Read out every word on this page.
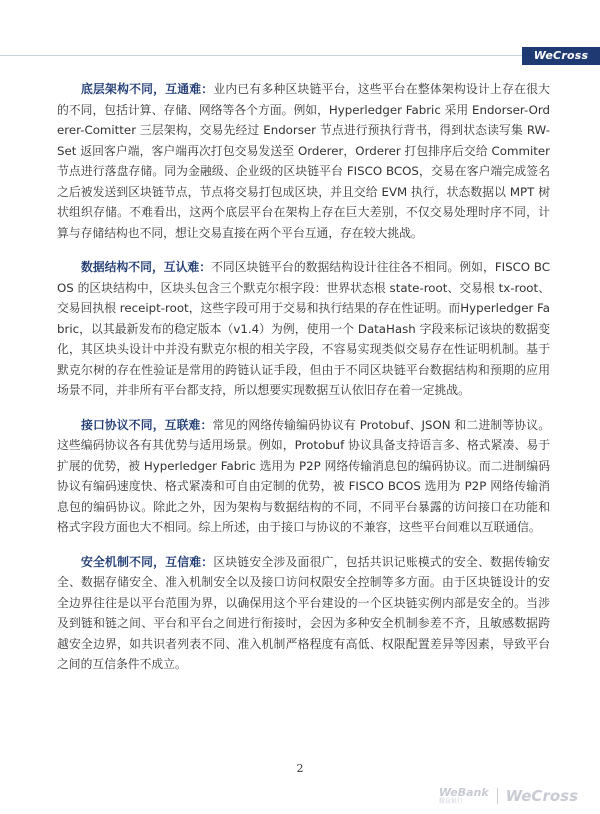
WeCross

底层架构不同，互通难：业内已有多种区块链平台，这些平台在整体架构设计上存在很大的不同，包括计算、存储、网络等各个方面。例如，Hyperledger Fabric 采用 Endorser-Orderer-Comitter 三层架构，交易先经过 Endorser 节点进行预执行背书，得到状态读写集 RW-Set 返回客户端，客户端再次打包交易发送至 Orderer，Orderer 打包排序后交给 Commiter 节点进行落盘存储。同为金融级、企业级的区块链平台 FISCO BCOS，交易在客户端完成签名之后被发送到区块链节点，节点将交易打包成区块，并且交给 EVM 执行，状态数据以 MPT 树状组织存储。不难看出，这两个底层平台在架构上存在巨大差别，不仅交易处理时序不同，计算与存储结构也不同，想让交易直接在两个平台互通，存在较大挑战。

数据结构不同，互认难：不同区块链平台的数据结构设计往往各不相同。例如，FISCO BCOS 的区块结构中，区块头包含三个默克尔根字段：世界状态根 state-root、交易根 tx-root、交易回执根 receipt-root，这些字段可用于交易和执行结果的存在性证明。而Hyperledger Fabric，以其最新发布的稳定版本（v1.4）为例，使用一个 DataHash 字段来标记该块的数据变化，其区块头设计中并没有默克尔根的相关字段，不容易实现类似交易存在性证明机制。基于默克尔树的存在性验证是常用的跨链认证手段，但由于不同区块链平台数据结构和预期的应用场景不同，并非所有平台都支持，所以想要实现数据互认依旧存在着一定挑战。

接口协议不同，互联难：常见的网络传输编码协议有 Protobuf、JSON 和二进制等协议。这些编码协议各有其优势与适用场景。例如，Protobuf 协议具备支持语言多、格式紧凑、易于扩展的优势，被 Hyperledger Fabric 选用为 P2P 网络传输消息包的编码协议。而二进制编码协议有编码速度快、格式紧凑和可自由定制的优势，被 FISCO BCOS 选用为 P2P 网络传输消息包的编码协议。除此之外，因为架构与数据结构的不同，不同平台暴露的访问接口在功能和格式字段方面也大不相同。综上所述，由于接口与协议的不兼容，这些平台间难以互联通信。

安全机制不同，互信难：区块链安全涉及面很广，包括共识记账模式的安全、数据传输安全、数据存储安全、准入机制安全以及接口访问权限安全控制等多方面。由于区块链设计的安全边界往往是以平台范围为界，以确保用这个平台建设的一个区块链实例内部是安全的。当涉及到链和链之间、平台和平台之间进行衔接时，会因为多种安全机制参差不齐，且敏感数据跨越安全边界，如共识者列表不同、准入机制严格程度有高低、权限配置差异等因素，导致平台之间的互信条件不成立。

2
WeBank
微众银行	WeCross
